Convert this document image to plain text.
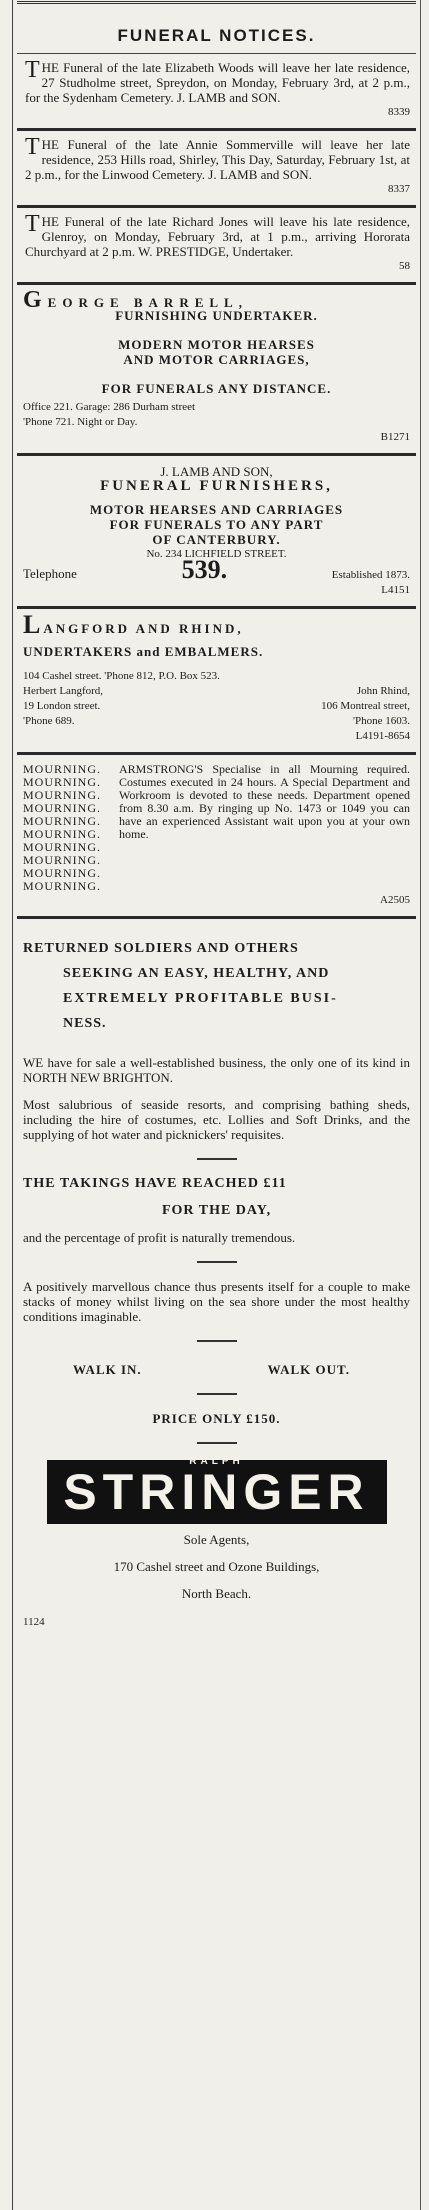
FUNERAL NOTICES.
THE Funeral of the late Elizabeth Woods will leave her late residence, 27 Studholme street, Spreydon, on Monday, February 3rd, at 2 p.m., for the Sydenham Cemetery. J. LAMB and SON.
8339
THE Funeral of the late Annie Sommerville will leave her late residence, 253 Hills road, Shirley, This Day, Saturday, February 1st, at 2 p.m., for the Linwood Cemetery. J. LAMB and SON.
8337
THE Funeral of the late Richard Jones will leave his late residence, Glenroy, on Monday, February 3rd, at 1 p.m., arriving Hororata Churchyard at 2 p.m. W. PRESTIDGE, Undertaker.
58
GEORGE BARRELL,
FURNISHING UNDERTAKER.
MODERN MOTOR HEARSES
AND MOTOR CARRIAGES,
FOR FUNERALS ANY DISTANCE.
Office 221. Garage: 286 Durham street
'Phone 721. Night or Day.
B1271
J. LAMB AND SON,
FUNERAL FURNISHERS,
MOTOR HEARSES AND CARRIAGES
FOR FUNERALS TO ANY PART
OF CANTERBURY.
No. 234 LICHFIELD STREET.
Telephone	539.	Established 1873.
L4151
LANGFORD AND RHIND,
UNDERTAKERS and EMBALMERS.
104 Cashel street. 'Phone 812, P.O. Box 523.
Herbert Langford,	John Rhind,
19 London street.	106 Montreal street,
'Phone 689.	'Phone 1603.
L4191-8654
MOURNING.
MOURNING.
MOURNING.
MOURNING.
MOURNING.
MOURNING.
MOURNING.
MOURNING.
MOURNING.
MOURNING.
ARMSTRONG'S Specialise in all Mourning required. Costumes executed in 24 hours. A Special Department and Workroom is devoted to these needs. Department opened from 8.30 a.m. By ringing up No. 1473 or 1049 you can have an experienced Assistant wait upon you at your own home.
A2505
RETURNED SOLDIERS AND OTHERS
SEEKING AN EASY, HEALTHY, AND
EXTREMELY PROFITABLE BUSI-
NESS.
WE have for sale a well-established business, the only one of its kind in NORTH NEW BRIGHTON.
Most salubrious of seaside resorts, and comprising bathing sheds, including the hire of costumes, etc. Lollies and Soft Drinks, and the supplying of hot water and picknickers' requisites.
THE TAKINGS HAVE REACHED £11
FOR THE DAY,
and the percentage of profit is naturally tremendous.
A positively marvellous chance thus presents itself for a couple to make stacks of money whilst living on the sea shore under the most healthy conditions imaginable.
WALK IN.	WALK OUT.
PRICE ONLY £150.
RALPH
STRINGER
Sole Agents,
170 Cashel street and Ozone Buildings,
North Beach.
1124
